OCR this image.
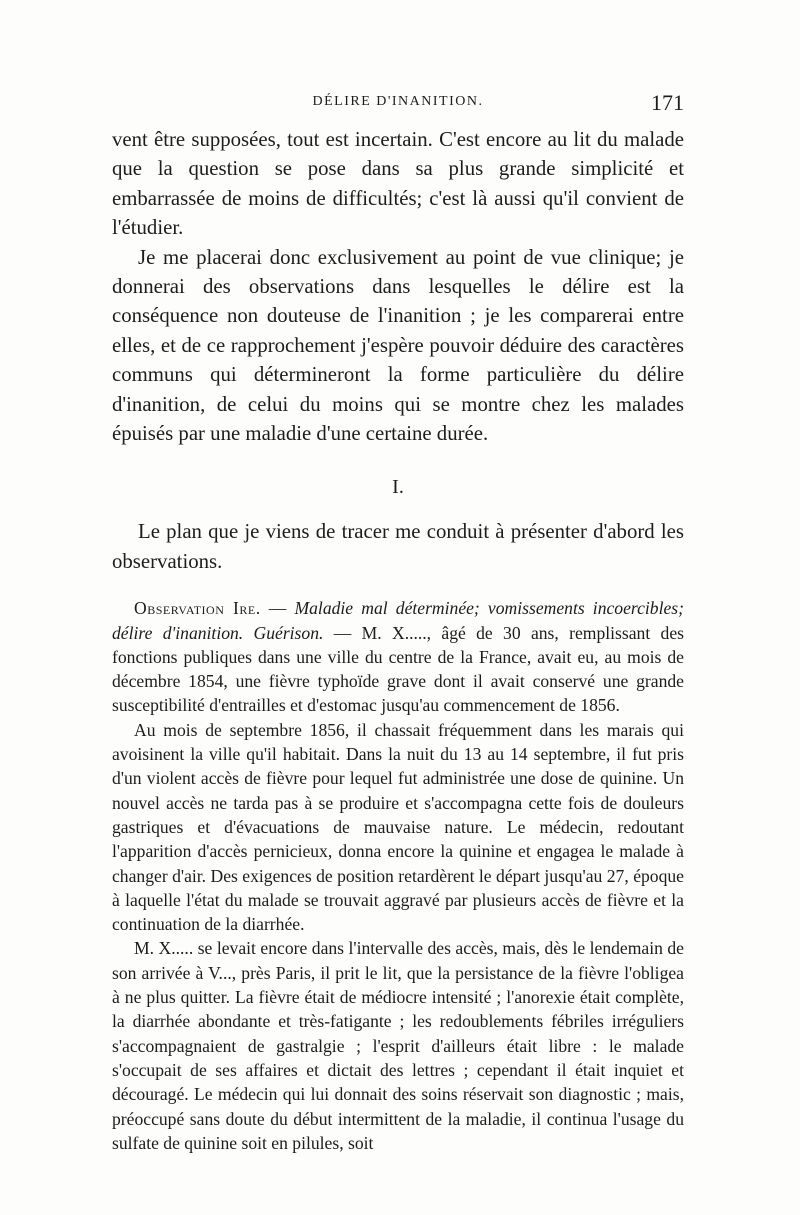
DÉLIRE D'INANITION.	171

vent être supposées, tout est incertain. C'est encore au lit du malade que la question se pose dans sa plus grande simplicité et embarrassée de moins de difficultés; c'est là aussi qu'il convient de l'étudier.

Je me placerai donc exclusivement au point de vue clinique; je donnerai des observations dans lesquelles le délire est la conséquence non douteuse de l'inanition ; je les comparerai entre elles, et de ce rapprochement j'espère pouvoir déduire des caractères communs qui détermineront la forme particulière du délire d'inanition, de celui du moins qui se montre chez les malades épuisés par une maladie d'une certaine durée.

I.

Le plan que je viens de tracer me conduit à présenter d'abord les observations.

Observation Ire. — Maladie mal déterminée; vomissements incoercibles; délire d'inanition. Guérison. — M. X....., âgé de 30 ans, remplissant des fonctions publiques dans une ville du centre de la France, avait eu, au mois de décembre 1854, une fièvre typhoïde grave dont il avait conservé une grande susceptibilité d'entrailles et d'estomac jusqu'au commencement de 1856.

Au mois de septembre 1856, il chassait fréquemment dans les marais qui avoisinent la ville qu'il habitait. Dans la nuit du 13 au 14 septembre, il fut pris d'un violent accès de fièvre pour lequel fut administrée une dose de quinine. Un nouvel accès ne tarda pas à se produire et s'accompagna cette fois de douleurs gastriques et d'évacuations de mauvaise nature. Le médecin, redoutant l'apparition d'accès pernicieux, donna encore la quinine et engagea le malade à changer d'air. Des exigences de position retardèrent le départ jusqu'au 27, époque à laquelle l'état du malade se trouvait aggravé par plusieurs accès de fièvre et la continuation de la diarrhée.

M. X..... se levait encore dans l'intervalle des accès, mais, dès le lendemain de son arrivée à V..., près Paris, il prit le lit, que la persistance de la fièvre l'obligea à ne plus quitter. La fièvre était de médiocre intensité ; l'anorexie était complète, la diarrhée abondante et très-fatigante ; les redoublements fébriles irréguliers s'accompagnaient de gastralgie ; l'esprit d'ailleurs était libre : le malade s'occupait de ses affaires et dictait des lettres ; cependant il était inquiet et découragé. Le médecin qui lui donnait des soins réservait son diagnostic ; mais, préoccupé sans doute du début intermittent de la maladie, il continua l'usage du sulfate de quinine soit en pilules, soit
